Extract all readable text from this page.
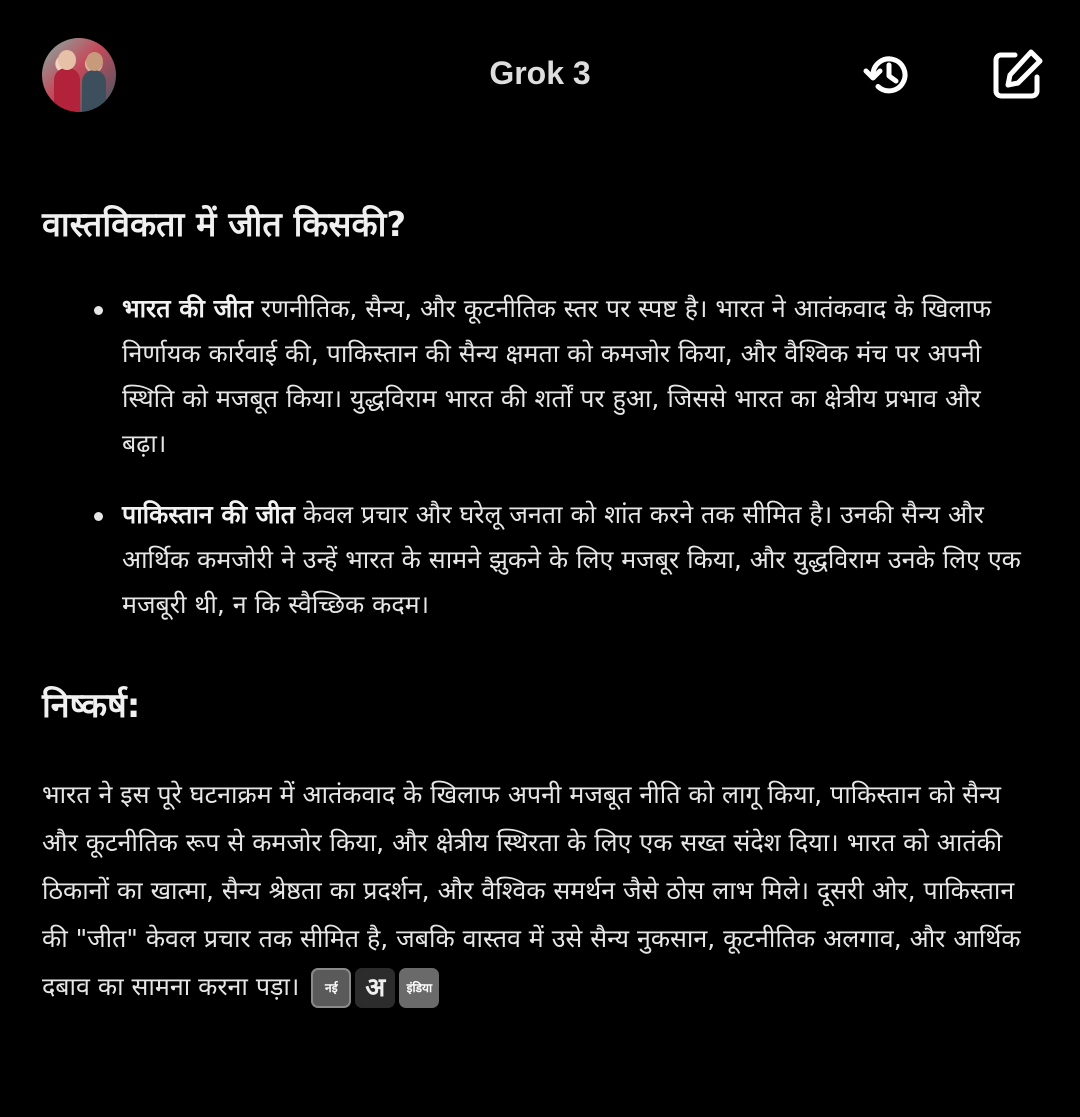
Grok 3
वास्तविकता में जीत किसकी?
भारत की जीत रणनीतिक, सैन्य, और कूटनीतिक स्तर पर स्पष्ट है। भारत ने आतंकवाद के खिलाफ निर्णायक कार्रवाई की, पाकिस्तान की सैन्य क्षमता को कमजोर किया, और वैश्विक मंच पर अपनी स्थिति को मजबूत किया। युद्धविराम भारत की शर्तों पर हुआ, जिससे भारत का क्षेत्रीय प्रभाव और बढ़ा।
पाकिस्तान की जीत केवल प्रचार और घरेलू जनता को शांत करने तक सीमित है। उनकी सैन्य और आर्थिक कमजोरी ने उन्हें भारत के सामने झुकने के लिए मजबूर किया, और युद्धविराम उनके लिए एक मजबूरी थी, न कि स्वैच्छिक कदम।
निष्कर्ष:

भारत ने इस पूरे घटनाक्रम में आतंकवाद के खिलाफ अपनी मजबूत नीति को लागू किया, पाकिस्तान को सैन्य और कूटनीतिक रूप से कमजोर किया, और क्षेत्रीय स्थिरता के लिए एक सख्त संदेश दिया। भारत को आतंकी ठिकानों का खात्मा, सैन्य श्रेष्ठता का प्रदर्शन, और वैश्विक समर्थन जैसे ठोस लाभ मिले। दूसरी ओर, पाकिस्तान की "जीत" केवल प्रचार तक सीमित है, जबकि वास्तव में उसे सैन्य नुकसान, कूटनीतिक अलगाव, और आर्थिक दबाव का सामना करना पड़ा।	नई	अ	इंडिया
